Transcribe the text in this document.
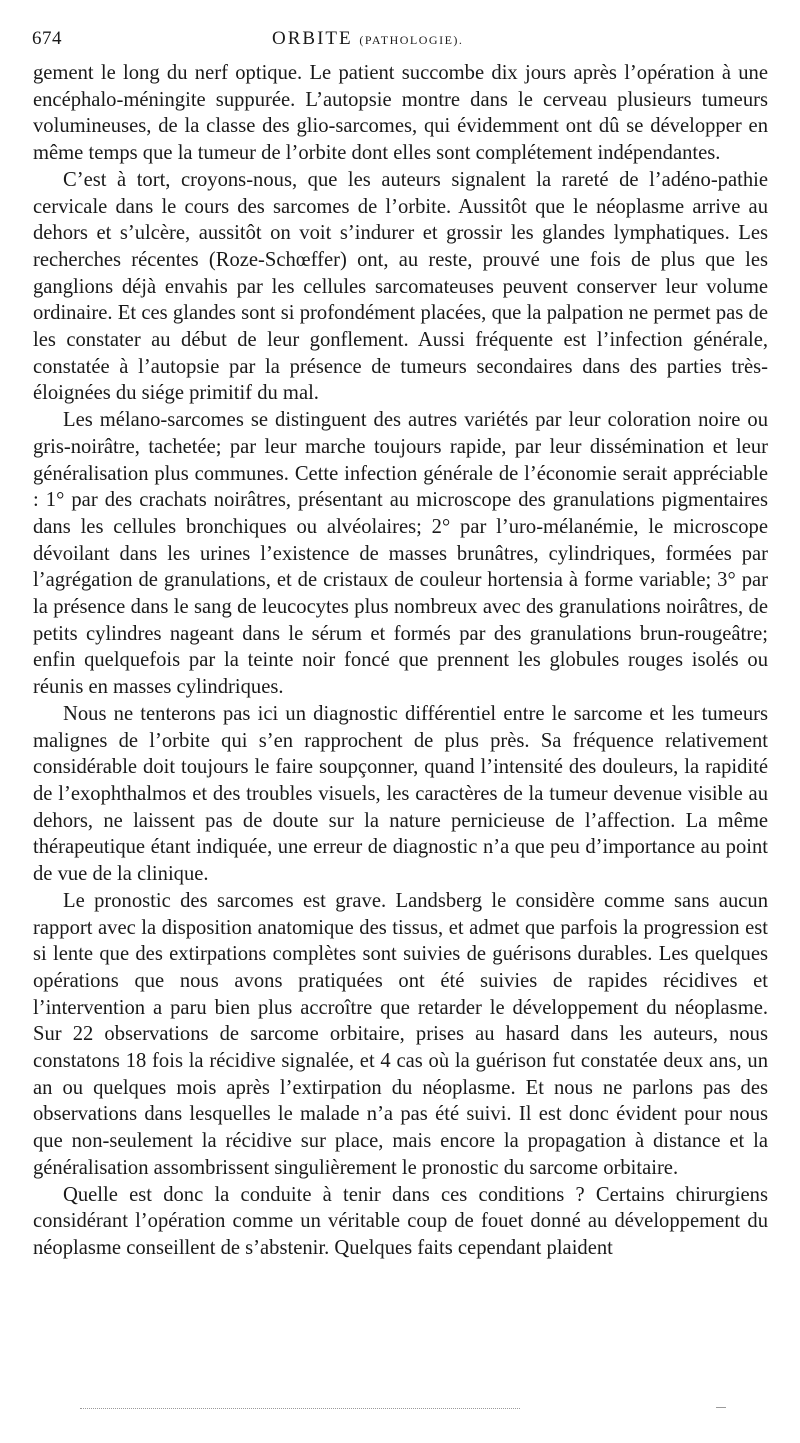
674	ORBITE (PATHOLOGIE).

gement le long du nerf optique. Le patient succombe dix jours après l’opération à une encéphalo-méningite suppurée. L’autopsie montre dans le cerveau plusieurs tumeurs volumineuses, de la classe des glio-sarcomes, qui évidemment ont dû se développer en même temps que la tumeur de l’orbite dont elles sont complétement indépendantes.

C’est à tort, croyons-nous, que les auteurs signalent la rareté de l’adéno-pathie cervicale dans le cours des sarcomes de l’orbite. Aussitôt que le néoplasme arrive au dehors et s’ulcère, aussitôt on voit s’indurer et grossir les glandes lymphatiques. Les recherches récentes (Roze-Schœffer) ont, au reste, prouvé une fois de plus que les ganglions déjà envahis par les cellules sarcomateuses peuvent conserver leur volume ordinaire. Et ces glandes sont si profondément placées, que la palpation ne permet pas de les constater au début de leur gonflement. Aussi fréquente est l’infection générale, constatée à l’autopsie par la présence de tumeurs secondaires dans des parties très-éloignées du siége primitif du mal.

Les mélano-sarcomes se distinguent des autres variétés par leur coloration noire ou gris-noirâtre, tachetée; par leur marche toujours rapide, par leur dissémination et leur généralisation plus communes. Cette infection générale de l’économie serait appréciable : 1° par des crachats noirâtres, présentant au microscope des granulations pigmentaires dans les cellules bronchiques ou alvéolaires; 2° par l’uro-mélanémie, le microscope dévoilant dans les urines l’existence de masses brunâtres, cylindriques, formées par l’agrégation de granulations, et de cristaux de couleur hortensia à forme variable; 3° par la présence dans le sang de leucocytes plus nombreux avec des granulations noirâtres, de petits cylindres nageant dans le sérum et formés par des granulations brun-rougeâtre; enfin quelquefois par la teinte noir foncé que prennent les globules rouges isolés ou réunis en masses cylindriques.

Nous ne tenterons pas ici un diagnostic différentiel entre le sarcome et les tumeurs malignes de l’orbite qui s’en rapprochent de plus près. Sa fréquence relativement considérable doit toujours le faire soupçonner, quand l’intensité des douleurs, la rapidité de l’exophthalmos et des troubles visuels, les caractères de la tumeur devenue visible au dehors, ne laissent pas de doute sur la nature pernicieuse de l’affection. La même thérapeutique étant indiquée, une erreur de diagnostic n’a que peu d’importance au point de vue de la clinique.

Le pronostic des sarcomes est grave. Landsberg le considère comme sans aucun rapport avec la disposition anatomique des tissus, et admet que parfois la progression est si lente que des extirpations complètes sont suivies de guérisons durables. Les quelques opérations que nous avons pratiquées ont été suivies de rapides récidives et l’intervention a paru bien plus accroître que retarder le développement du néoplasme. Sur 22 observations de sarcome orbitaire, prises au hasard dans les auteurs, nous constatons 18 fois la récidive signalée, et 4 cas où la guérison fut constatée deux ans, un an ou quelques mois après l’extirpation du néoplasme. Et nous ne parlons pas des observations dans lesquelles le malade n’a pas été suivi. Il est donc évident pour nous que non-seulement la récidive sur place, mais encore la propagation à distance et la généralisation assombrissent singulièrement le pronostic du sarcome orbitaire.

Quelle est donc la conduite à tenir dans ces conditions ? Certains chirurgiens considérant l’opération comme un véritable coup de fouet donné au développement du néoplasme conseillent de s’abstenir. Quelques faits cependant plaident
